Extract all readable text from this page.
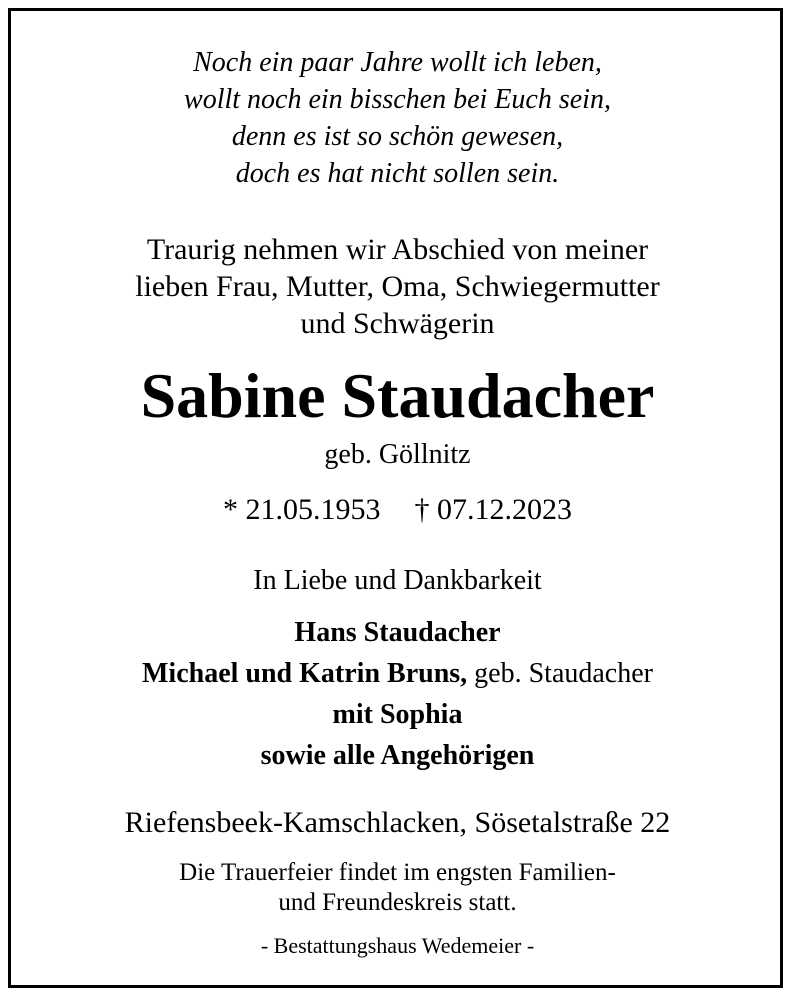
Noch ein paar Jahre wollt ich leben,
wollt noch ein bisschen bei Euch sein,
denn es ist so schön gewesen,
doch es hat nicht sollen sein.
Traurig nehmen wir Abschied von meiner
lieben Frau, Mutter, Oma, Schwiegermutter
und Schwägerin
Sabine Staudacher
geb. Göllnitz
* 21.05.1953 † 07.12.2023
In Liebe und Dankbarkeit
Hans Staudacher
Michael und Katrin Bruns, geb. Staudacher
mit Sophia
sowie alle Angehörigen
Riefensbeek-Kamschlacken, Sösetalstraße 22
Die Trauerfeier findet im engsten Familien-
und Freundeskreis statt.
- Bestattungshaus Wedemeier -
